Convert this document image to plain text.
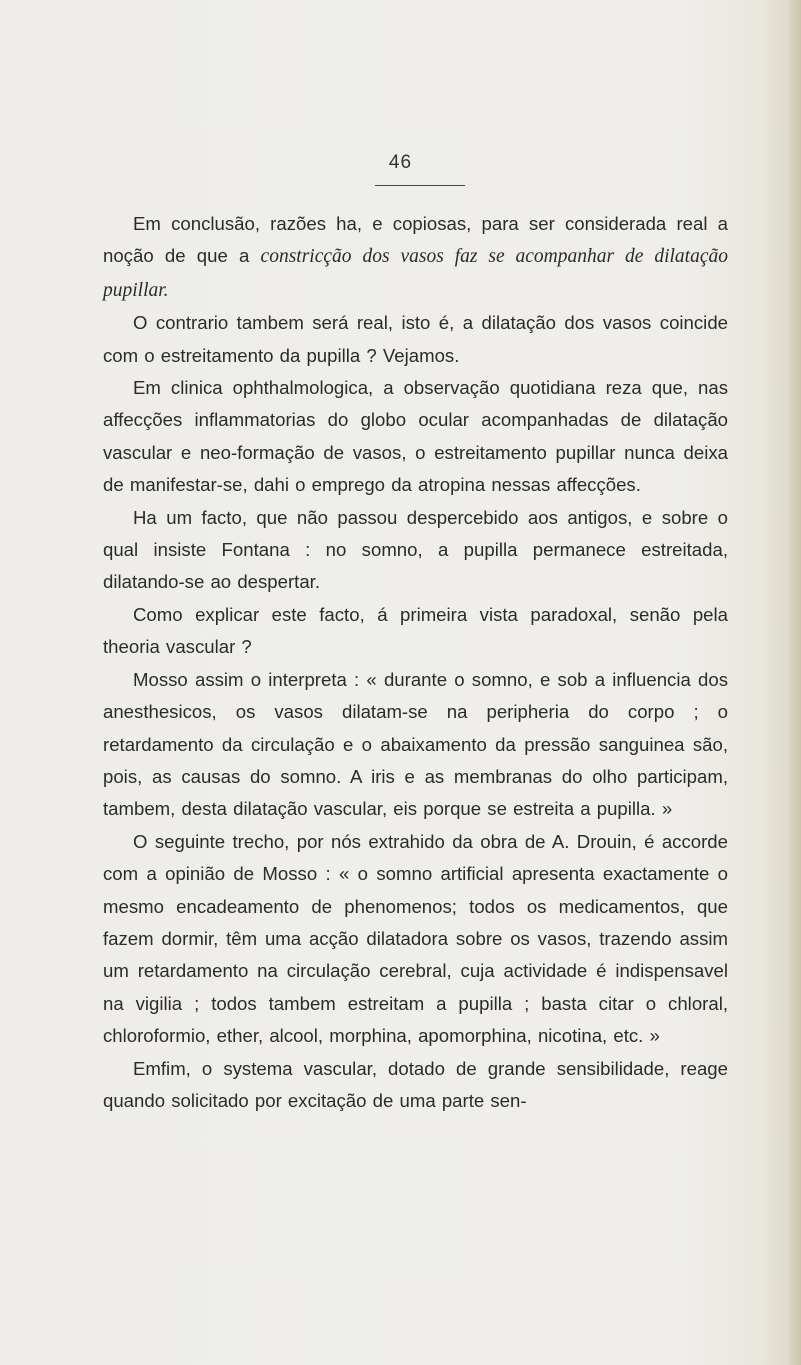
46

Em conclusão, razões ha, e copiosas, para ser considerada real a noção de que a constricção dos vasos faz se acompanhar de dilatação pupillar.

O contrario tambem será real, isto é, a dilatação dos vasos coincide com o estreitamento da pupilla ? Vejamos.

Em clinica ophthalmologica, a observação quotidiana reza que, nas affecções inflammatorias do globo ocular acompanhadas de dilatação vascular e neo-formação de vasos, o estreitamento pupillar nunca deixa de manifestar-se, dahi o emprego da atropina nessas affecções.

Ha um facto, que não passou despercebido aos antigos, e sobre o qual insiste Fontana : no somno, a pupilla permanece estreitada, dilatando-se ao despertar.

Como explicar este facto, á primeira vista paradoxal, senão pela theoria vascular ?

Mosso assim o interpreta : « durante o somno, e sob a influencia dos anesthesicos, os vasos dilatam-se na peripheria do corpo ; o retardamento da circulação e o abaixamento da pressão sanguinea são, pois, as causas do somno. A iris e as membranas do olho participam, tambem, desta dilatação vascular, eis porque se estreita a pupilla. »

O seguinte trecho, por nós extrahido da obra de A. Drouin, é accorde com a opinião de Mosso : « o somno artificial apresenta exactamente o mesmo encadeamento de phenomenos; todos os medicamentos, que fazem dormir, têm uma acção dilatadora sobre os vasos, trazendo assim um retardamento na circulação cerebral, cuja actividade é indispensavel na vigilia ; todos tambem estreitam a pupilla ; basta citar o chloral, chloroformio, ether, alcool, morphina, apomorphina, nicotina, etc. »

Emfim, o systema vascular, dotado de grande sensibilidade, reage quando solicitado por excitação de uma parte sen-
